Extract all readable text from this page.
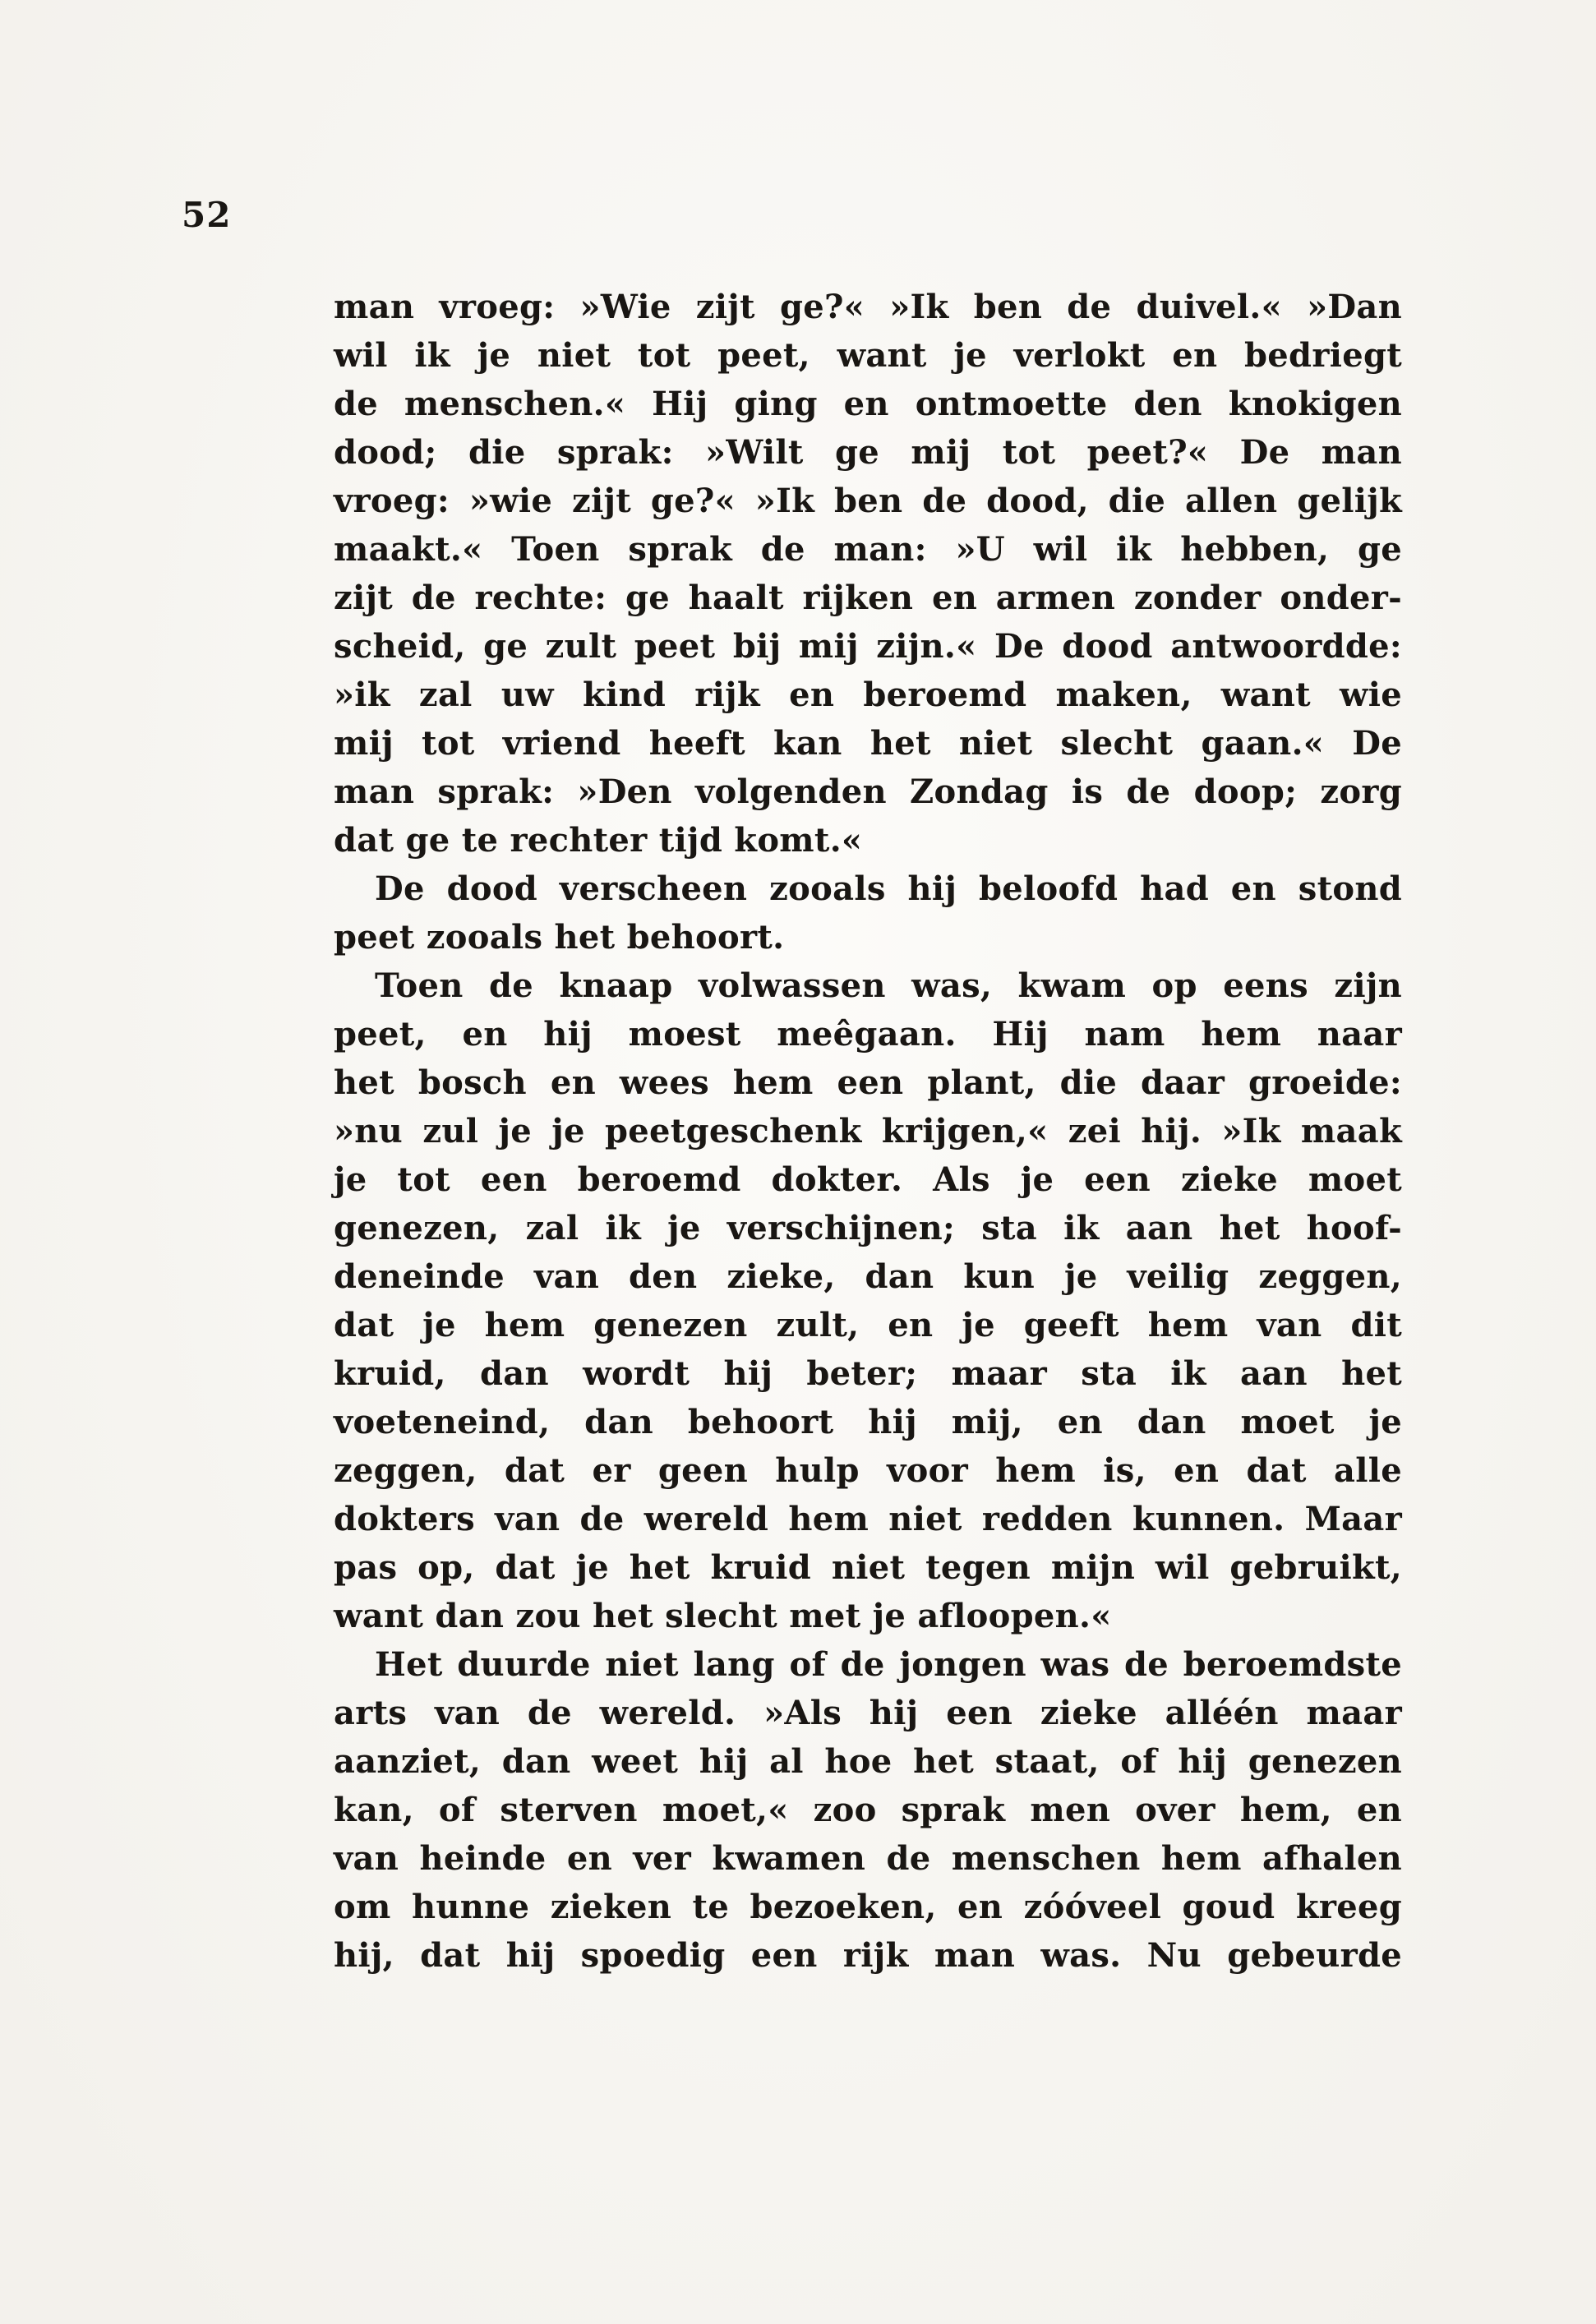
52
man vroeg: »Wie zijt ge?« »Ik ben de duivel.« »Dan
wil ik je niet tot peet, want je verlokt en bedriegt
de menschen.« Hij ging en ontmoette den knokigen
dood; die sprak: »Wilt ge mij tot peet?« De man
vroeg: »wie zijt ge?« »Ik ben de dood, die allen gelijk
maakt.« Toen sprak de man: »U wil ik hebben, ge
zijt de rechte: ge haalt rijken en armen zonder onder-
scheid, ge zult peet bij mij zijn.« De dood antwoordde:
»ik zal uw kind rijk en beroemd maken, want wie
mij tot vriend heeft kan het niet slecht gaan.« De
man sprak: »Den volgenden Zondag is de doop; zorg
dat ge te rechter tijd komt.«
De dood verscheen zooals hij beloofd had en stond
peet zooals het behoort.
Toen de knaap volwassen was, kwam op eens zijn
peet, en hij moest meêgaan. Hij nam hem naar
het bosch en wees hem een plant, die daar groeide:
»nu zul je je peetgeschenk krijgen,« zei hij. »Ik maak
je tot een beroemd dokter. Als je een zieke moet
genezen, zal ik je verschijnen; sta ik aan het hoof-
deneinde van den zieke, dan kun je veilig zeggen,
dat je hem genezen zult, en je geeft hem van dit
kruid, dan wordt hij beter; maar sta ik aan het
voeteneind, dan behoort hij mij, en dan moet je
zeggen, dat er geen hulp voor hem is, en dat alle
dokters van de wereld hem niet redden kunnen. Maar
pas op, dat je het kruid niet tegen mijn wil gebruikt,
want dan zou het slecht met je afloopen.«
Het duurde niet lang of de jongen was de beroemdste
arts van de wereld. »Als hij een zieke alléén maar
aanziet, dan weet hij al hoe het staat, of hij genezen
kan, of sterven moet,« zoo sprak men over hem, en
van heinde en ver kwamen de menschen hem afhalen
om hunne zieken te bezoeken, en zóóveel goud kreeg
hij, dat hij spoedig een rijk man was. Nu gebeurde
